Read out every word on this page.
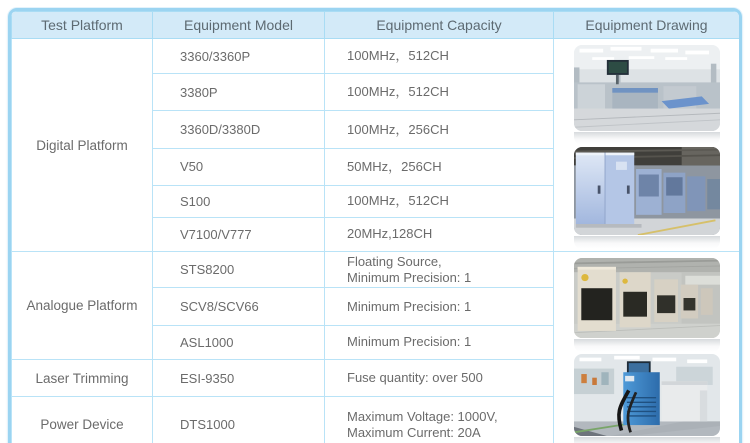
Test Platform	Equipment Model	Equipment Capacity	Equipment Drawing
Digital Platform	3360/3360P	100MHz，512CH

	3380P	100MHz，512CH	

	3360D/3380D	100MHz，256CH	

	V50	50MHz，256CH	

	S100	100MHz，512CH	

	V7100/V777	20MHz,128CH	

Analogue Platform	STS8200	Floating Source,
Minimum Precision: 1

	SCV8/SCV66	Minimum Precision: 1	

	ASL1000	Minimum Precision: 1	

Laser Trimming	ESI-9350	Fuse quantity: over 500	

Power Device	DTS1000	Maximum Voltage: 1000V,
Maximum Current: 20A	
